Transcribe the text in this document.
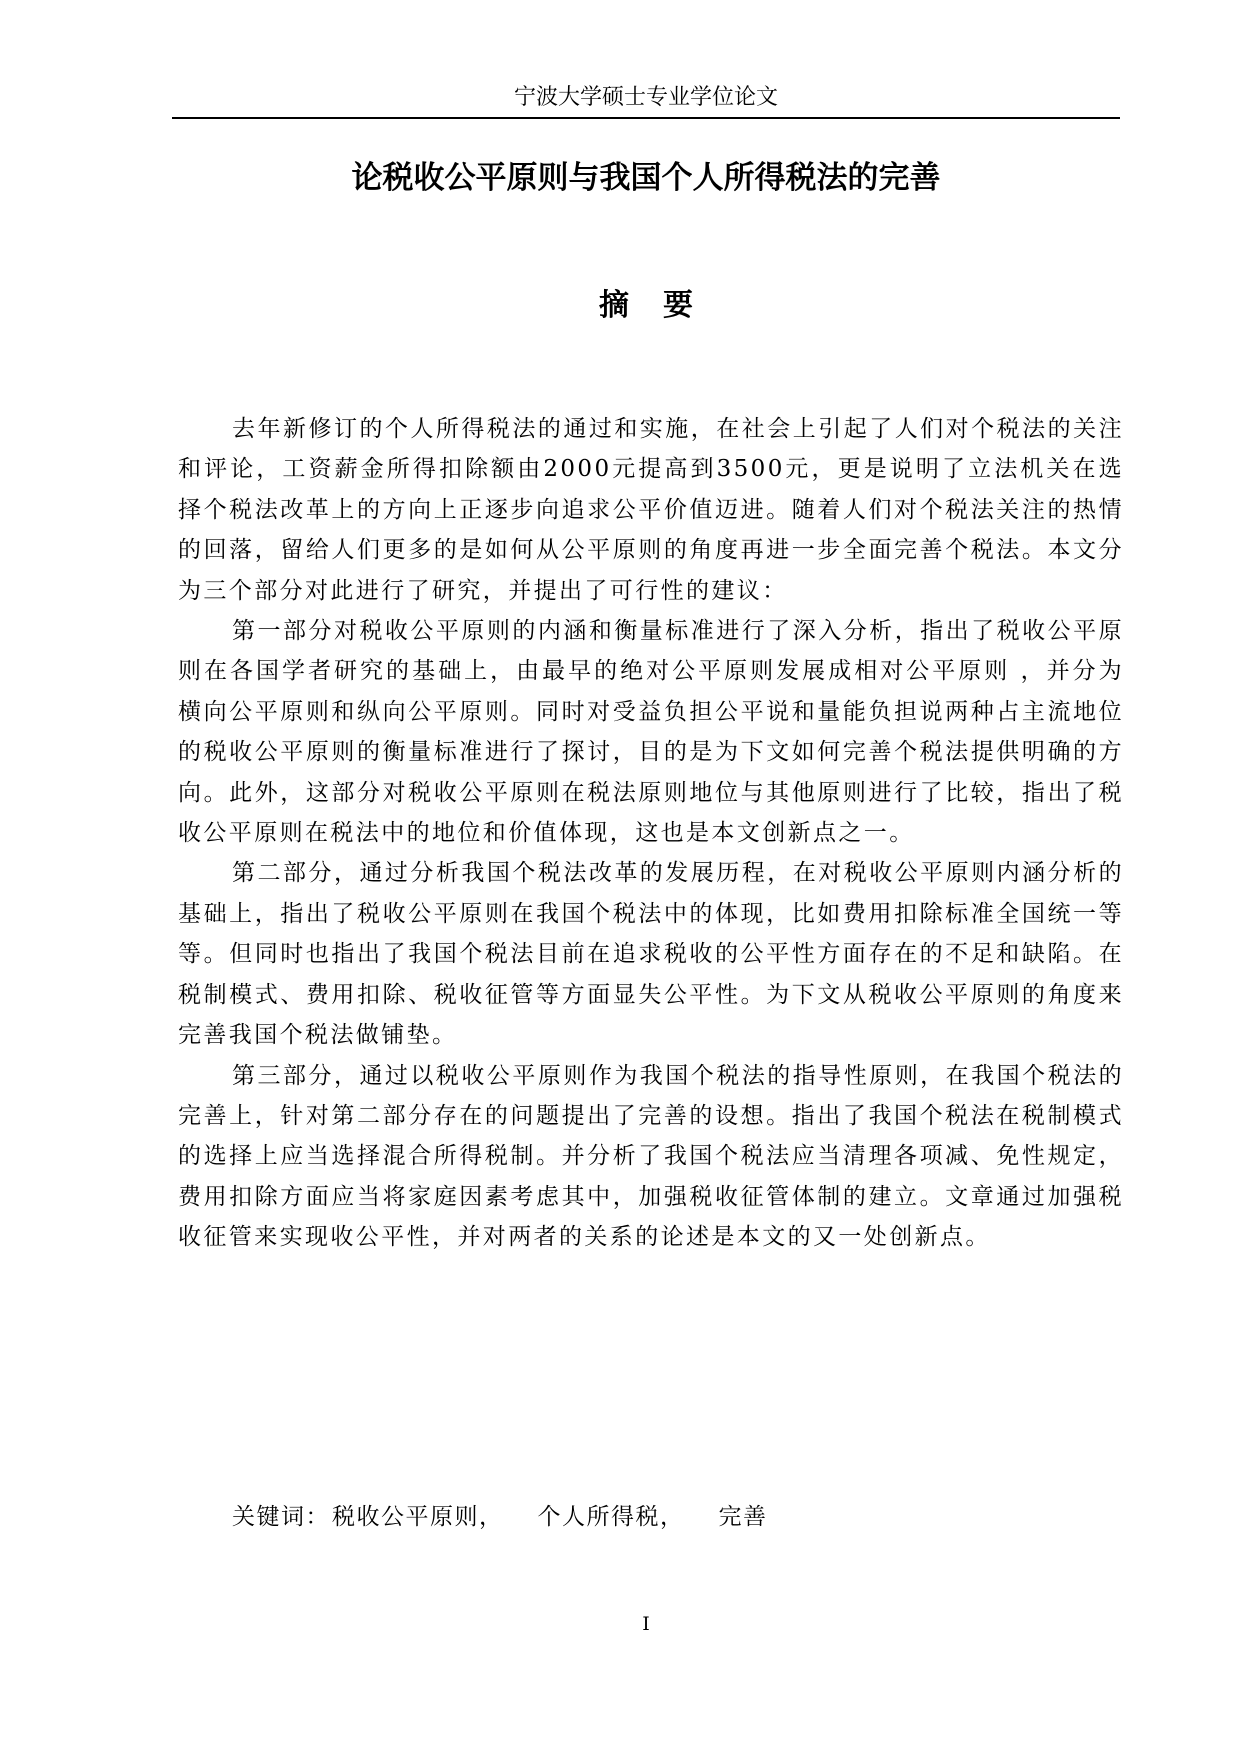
宁波大学硕士专业学位论文
论税收公平原则与我国个人所得税法的完善
摘要

去年新修订的个人所得税法的通过和实施，在社会上引起了人们对个税法的关注和评论，工资薪金所得扣除额由2000元提高到3500元，更是说明了立法机关在选择个税法改革上的方向上正逐步向追求公平价值迈进。随着人们对个税法关注的热情的回落，留给人们更多的是如何从公平原则的角度再进一步全面完善个税法。本文分为三个部分对此进行了研究，并提出了可行性的建议：

第一部分对税收公平原则的内涵和衡量标准进行了深入分析，指出了税收公平原则在各国学者研究的基础上，由最早的绝对公平原则发展成相对公平原则 ，并分为横向公平原则和纵向公平原则。同时对受益负担公平说和量能负担说两种占主流地位的税收公平原则的衡量标准进行了探讨，目的是为下文如何完善个税法提供明确的方向。此外，这部分对税收公平原则在税法原则地位与其他原则进行了比较，指出了税收公平原则在税法中的地位和价值体现，这也是本文创新点之一。

第二部分，通过分析我国个税法改革的发展历程，在对税收公平原则内涵分析的基础上，指出了税收公平原则在我国个税法中的体现，比如费用扣除标准全国统一等等。但同时也指出了我国个税法目前在追求税收的公平性方面存在的不足和缺陷。在税制模式、费用扣除、税收征管等方面显失公平性。为下文从税收公平原则的角度来完善我国个税法做铺垫。

第三部分，通过以税收公平原则作为我国个税法的指导性原则，在我国个税法的完善上，针对第二部分存在的问题提出了完善的设想。指出了我国个税法在税制模式的选择上应当选择混合所得税制。并分析了我国个税法应当清理各项减、免性规定，费用扣除方面应当将家庭因素考虑其中，加强税收征管体制的建立。文章通过加强税收征管来实现收公平性，并对两者的关系的论述是本文的又一处创新点。

关键词：税收公平原则， 个人所得税， 完善
I
